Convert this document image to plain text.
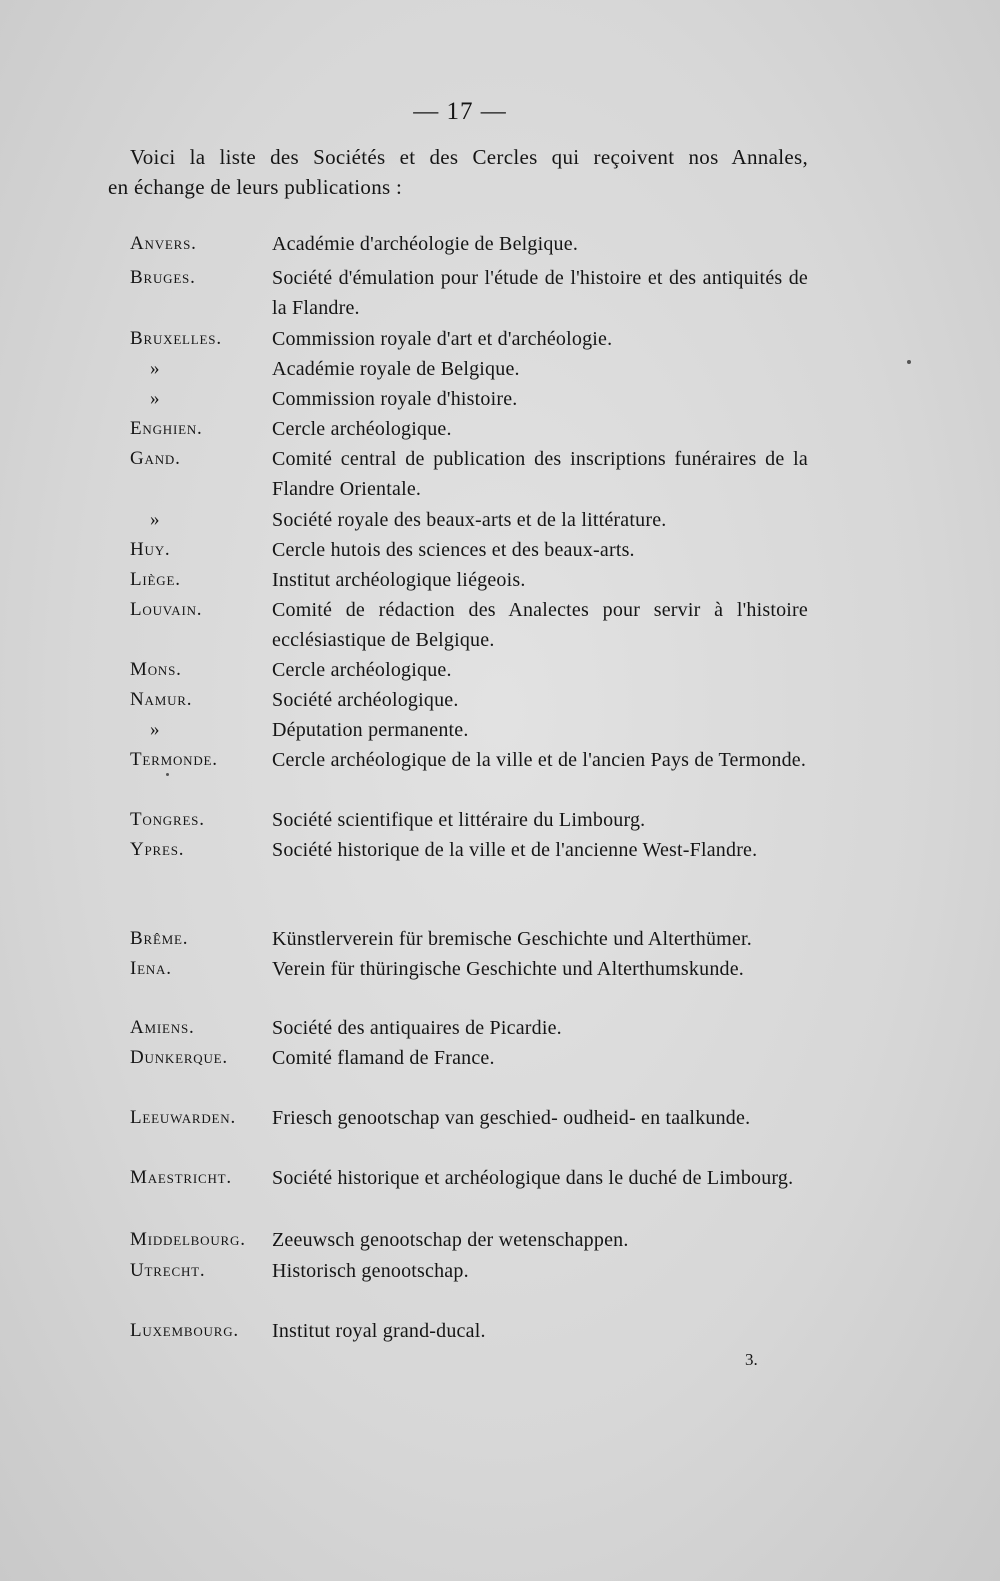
— 17 —
Voici la liste des Sociétés et des Cercles qui reçoivent nos Annales,
en échange de leurs publications :
Anvers.	Académie d'archéologie de Belgique.
Bruges.	Société d'émulation pour l'étude de l'histoire et des antiquités de la Flandre.
Bruxelles.	Commission royale d'art et d'archéologie.
»	Académie royale de Belgique.
»	Commission royale d'histoire.
Enghien.	Cercle archéologique.
Gand.	Comité central de publication des inscriptions funéraires de la Flandre Orientale.
»	Société royale des beaux-arts et de la littérature.
Huy.	Cercle hutois des sciences et des beaux-arts.
Liège.	Institut archéologique liégeois.
Louvain.	Comité de rédaction des Analectes pour servir à l'histoire ecclésiastique de Belgique.
Mons.	Cercle archéologique.
Namur.	Société archéologique.
»	Députation permanente.
Termonde.	Cercle archéologique de la ville et de l'ancien Pays de Termonde.
Tongres.	Société scientifique et littéraire du Limbourg.
Ypres.	Société historique de la ville et de l'ancienne West-Flandre.
Brême.	Künstlerverein für bremische Geschichte und Alterthümer.
Iena.	Verein für thüringische Geschichte und Alterthumskunde.
Amiens.	Société des antiquaires de Picardie.
Dunkerque.	Comité flamand de France.
Leeuwarden.	Friesch genootschap van geschied- oudheid- en taalkunde.
Maestricht.	Société historique et archéologique dans le duché de Limbourg.
Middelbourg.	Zeeuwsch genootschap der wetenschappen.
Utrecht.	Historisch genootschap.
Luxembourg.	Institut royal grand-ducal.
3.
